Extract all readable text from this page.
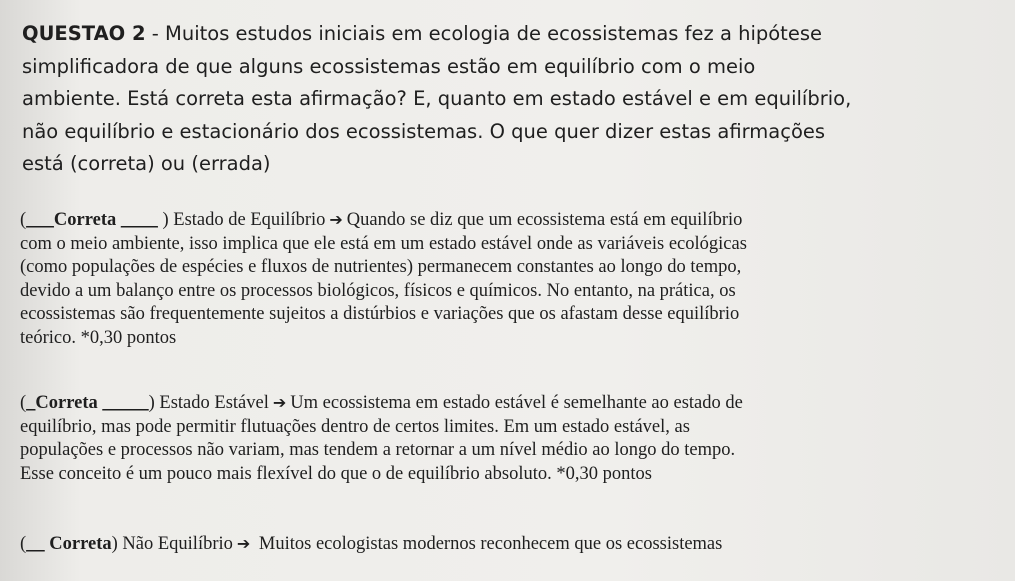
QUESTAO 2 - Muitos estudos iniciais em ecologia de ecossistemas fez a hipótese
simplificadora de que alguns ecossistemas estão em equilíbrio com o meio
ambiente. Está correta esta afirmação? E, quanto em estado estável e em equilíbrio,
não equilíbrio e estacionário dos ecossistemas. O que quer dizer estas afirmações
está (correta) ou (errada)
(___Correta ____ ) Estado de Equilíbrio ➔ Quando se diz que um ecossistema está em equilíbrio
com o meio ambiente, isso implica que ele está em um estado estável onde as variáveis ecológicas
(como populações de espécies e fluxos de nutrientes) permanecem constantes ao longo do tempo,
devido a um balanço entre os processos biológicos, físicos e químicos. No entanto, na prática, os
ecossistemas são frequentemente sujeitos a distúrbios e variações que os afastam desse equilíbrio
teórico. *0,30 pontos
(_Correta _____) Estado Estável ➔ Um ecossistema em estado estável é semelhante ao estado de
equilíbrio, mas pode permitir flutuações dentro de certos limites. Em um estado estável, as
populações e processos não variam, mas tendem a retornar a um nível médio ao longo do tempo.
Esse conceito é um pouco mais flexível do que o de equilíbrio absoluto. *0,30 pontos
(__ Correta) Não Equilíbrio ➔ Muitos ecologistas modernos reconhecem que os ecossistemas
